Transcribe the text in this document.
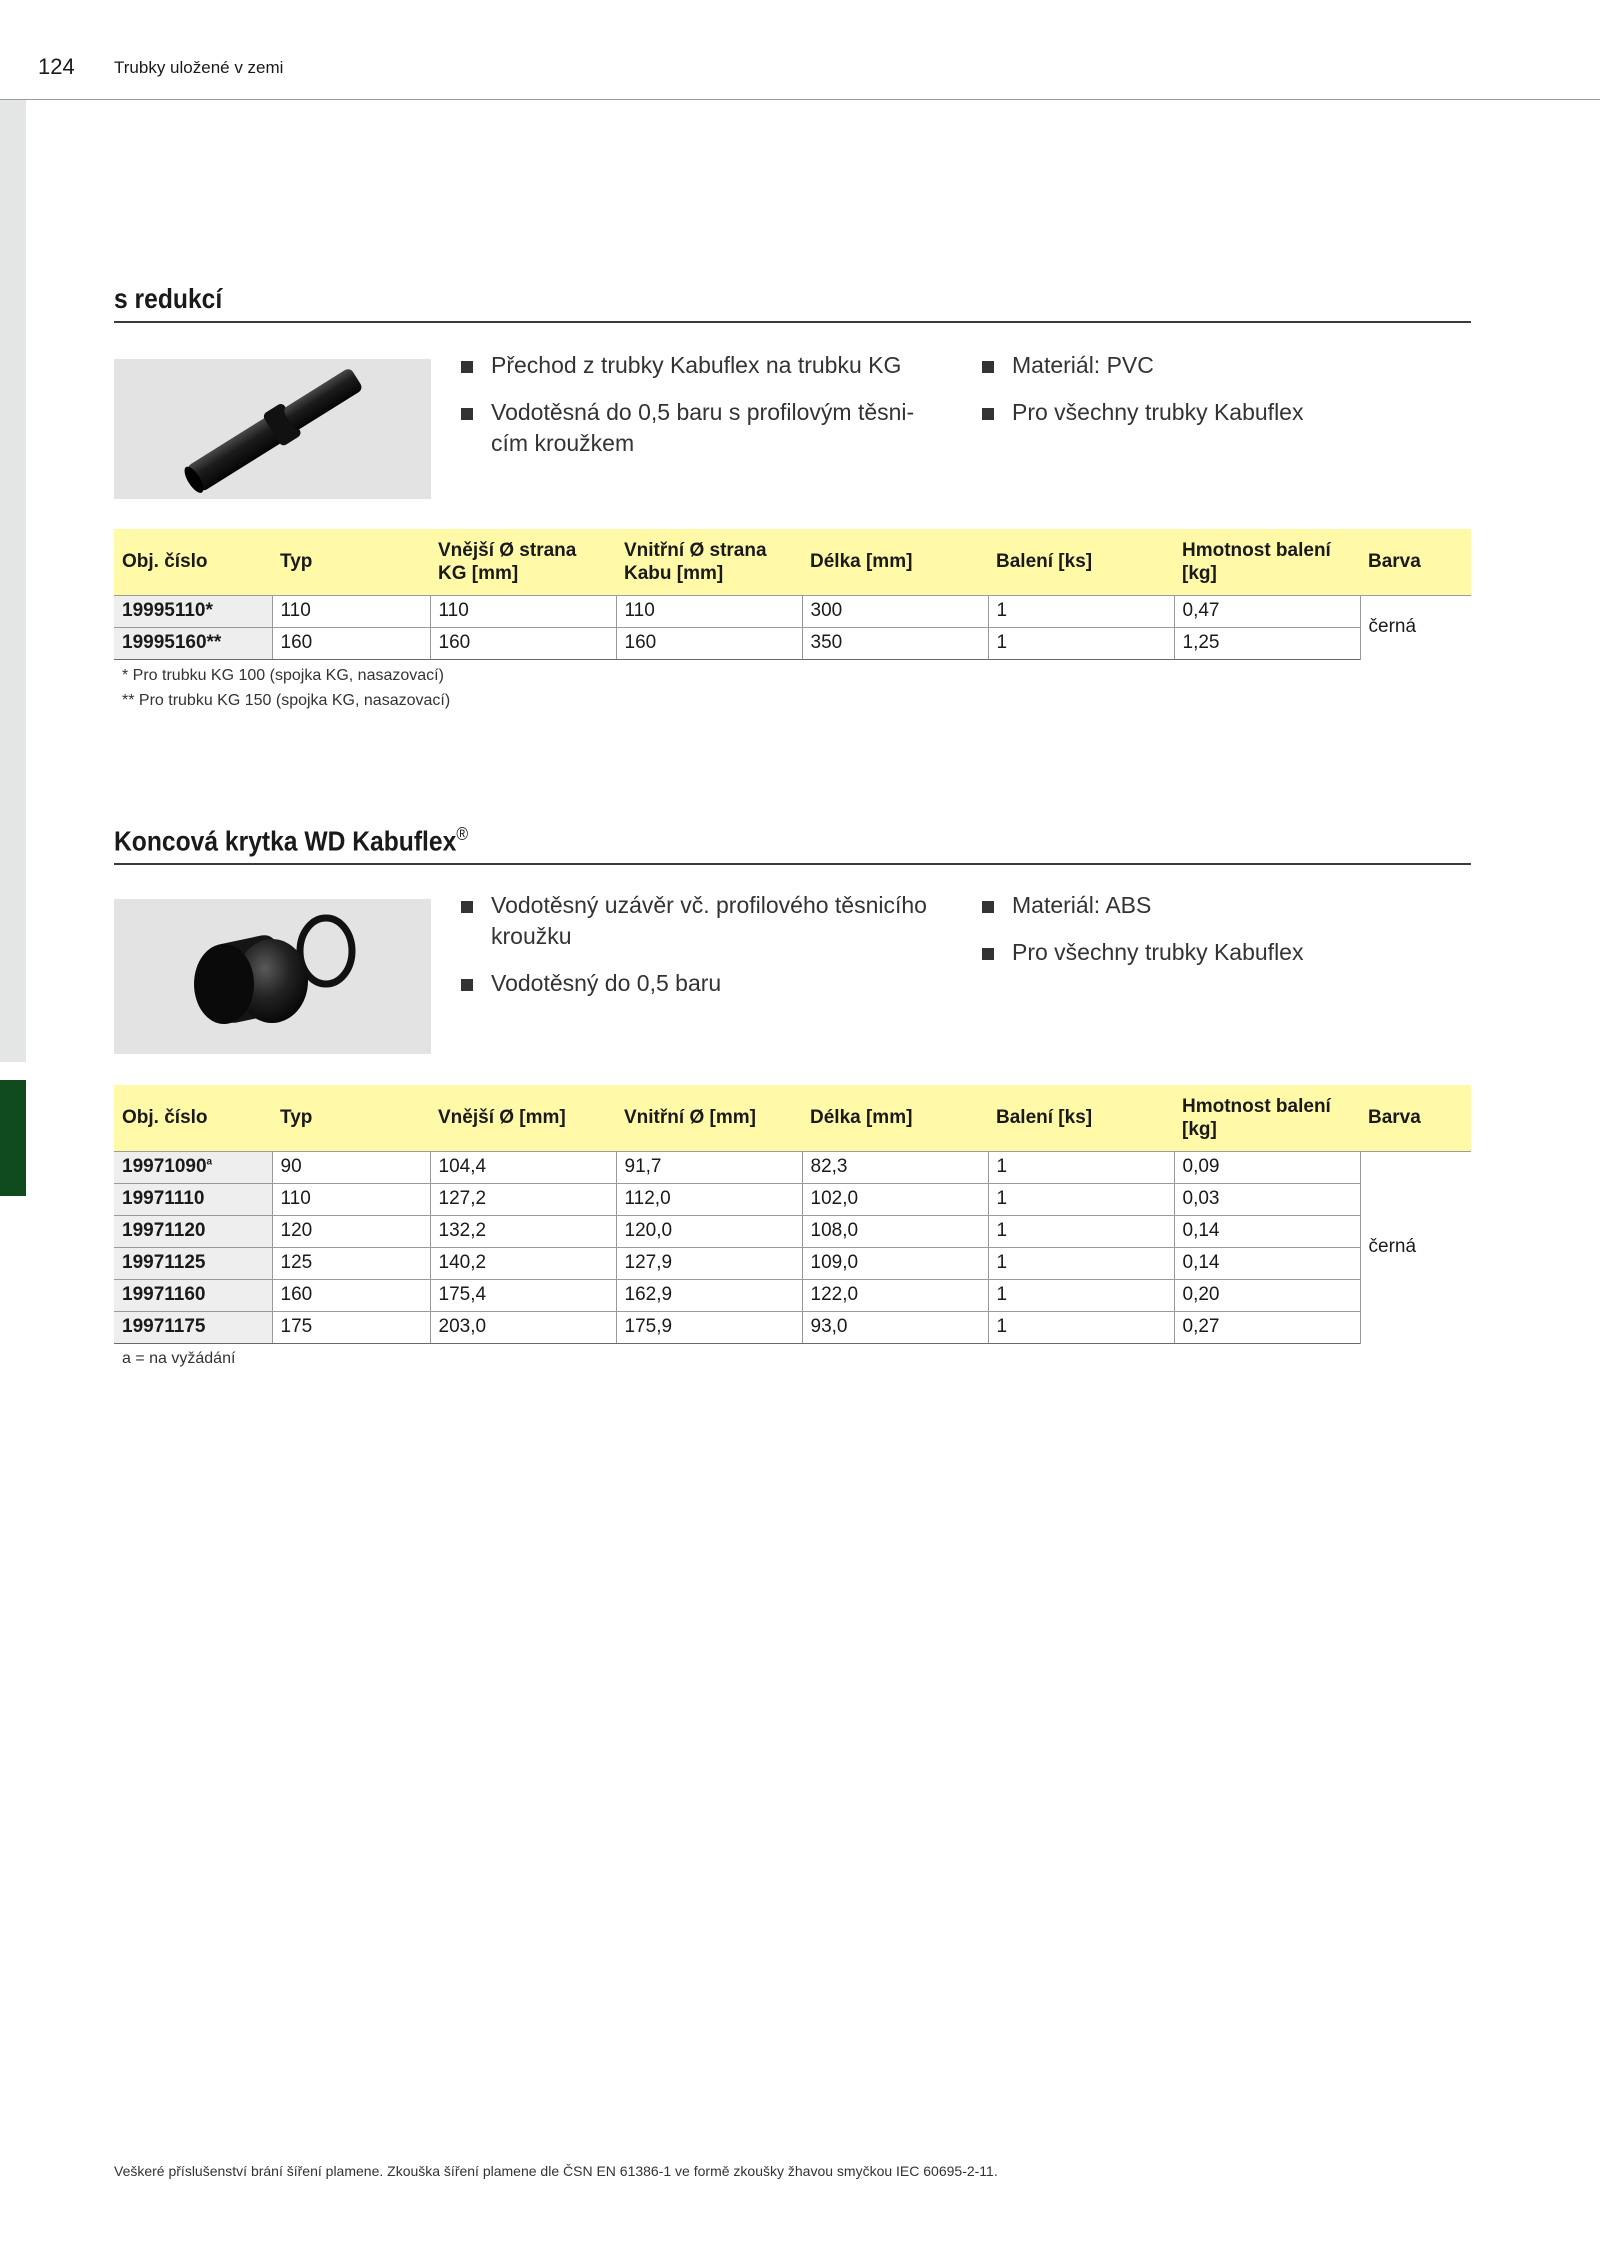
124 Trubky uložené v zemi
s redukcí
Přechod z trubky Kabuflex na trubku KG
Vodotěsná do 0,5 baru s profilovým těsni-cím kroužkem
Materiál: PVC
Pro všechny trubky Kabuflex
Obj. číslo	Typ	Vnější Ø strana KG [mm]	Vnitřní Ø strana Kabu [mm]	Délka [mm]	Balení [ks]	Hmotnost balení [kg]	Barva
19995110*	110	110	110	300	1	0,47	černá
19995160**	160	160	160	350	1	1,25	
* Pro trubku KG 100 (spojka KG, nasazovací)
** Pro trubku KG 150 (spojka KG, nasazovací)
Koncová krytka WD Kabuflex®
Vodotěsný uzávěr vč. profilového těsnicího kroužku
Vodotěsný do 0,5 baru
Materiál: ABS
Pro všechny trubky Kabuflex
Obj. číslo	Typ	Vnější Ø [mm]	Vnitřní Ø [mm]	Délka [mm]	Balení [ks]	Hmotnost balení [kg]	Barva
19971090$^a$	90	104,4	91,7	82,3	1	0,09	černá
19971110	110	127,2	112,0	102,0	1	0,03	
19971120	120	132,2	120,0	108,0	1	0,14	
19971125	125	140,2	127,9	109,0	1	0,14	
19971160	160	175,4	162,9	122,0	1	0,20	
19971175	175	203,0	175,9	93,0	1	0,27	
a = na vyžádání
Veškeré příslušenství brání šíření plamene. Zkouška šíření plamene dle ČSN EN 61386-1 ve formě zkoušky žhavou smyčkou IEC 60695-2-11.
